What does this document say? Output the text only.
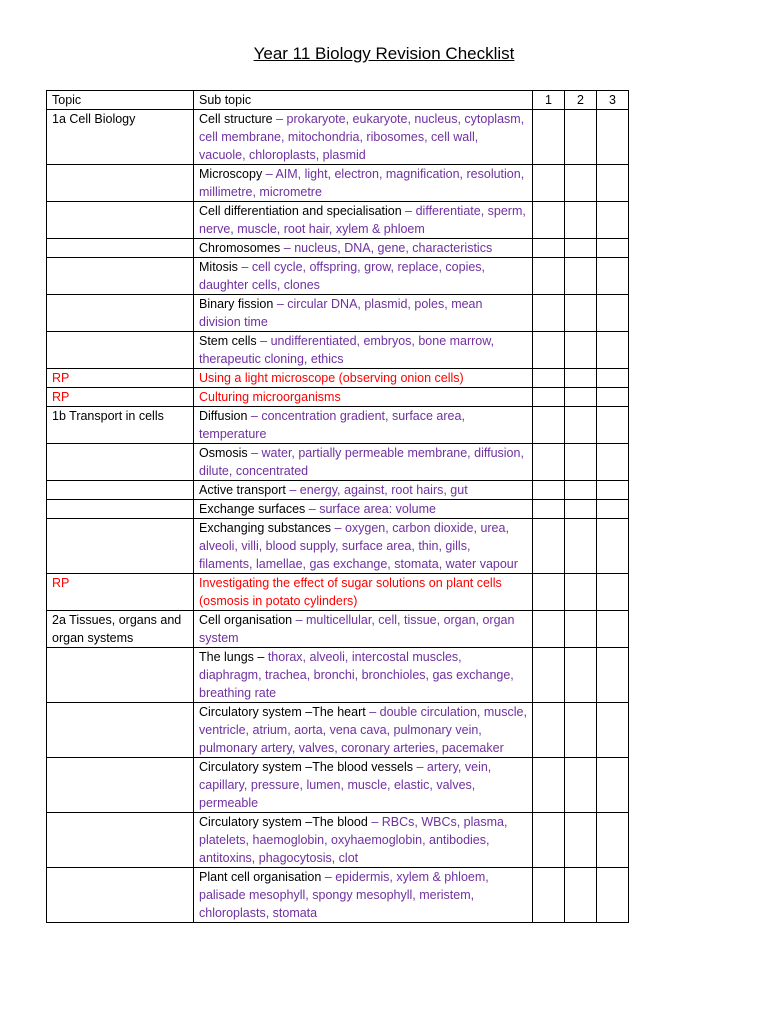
Year 11 Biology Revision Checklist
Topic	Sub topic	1	2	3
1a Cell Biology	Cell structure – prokaryote, eukaryote, nucleus, cytoplasm, cell membrane, mitochondria, ribosomes, cell wall, vacuole, chloroplasts, plasmid			
	Microscopy – AIM, light, electron, magnification, resolution, millimetre, micrometre			
	Cell differentiation and specialisation – differentiate, sperm, nerve, muscle, root hair, xylem & phloem			
	Chromosomes – nucleus, DNA, gene, characteristics			
	Mitosis – cell cycle, offspring, grow, replace, copies, daughter cells, clones			
	Binary fission – circular DNA, plasmid, poles, mean division time			
	Stem cells – undifferentiated, embryos, bone marrow, therapeutic cloning, ethics			
RP	Using a light microscope (observing onion cells)			
RP	Culturing microorganisms			
1b Transport in cells	Diffusion – concentration gradient, surface area, temperature			
	Osmosis – water, partially permeable membrane, diffusion, dilute, concentrated			
	Active transport – energy, against, root hairs, gut			
	Exchange surfaces – surface area: volume			
	Exchanging substances – oxygen, carbon dioxide, urea, alveoli, villi, blood supply, surface area, thin, gills, filaments, lamellae, gas exchange, stomata, water vapour			
RP	Investigating the effect of sugar solutions on plant cells (osmosis in potato cylinders)			
2a Tissues, organs and organ systems	Cell organisation – multicellular, cell, tissue, organ, organ system			
	The lungs – thorax, alveoli, intercostal muscles, diaphragm, trachea, bronchi, bronchioles, gas exchange, breathing rate			
	Circulatory system –The heart – double circulation, muscle, ventricle, atrium, aorta, vena cava, pulmonary vein, pulmonary artery, valves, coronary arteries, pacemaker			
	Circulatory system –The blood vessels – artery, vein, capillary, pressure, lumen, muscle, elastic, valves, permeable			
	Circulatory system –The blood – RBCs, WBCs, plasma, platelets, haemoglobin, oxyhaemoglobin, antibodies, antitoxins, phagocytosis, clot			
	Plant cell organisation – epidermis, xylem & phloem, palisade mesophyll, spongy mesophyll, meristem, chloroplasts, stomata			
